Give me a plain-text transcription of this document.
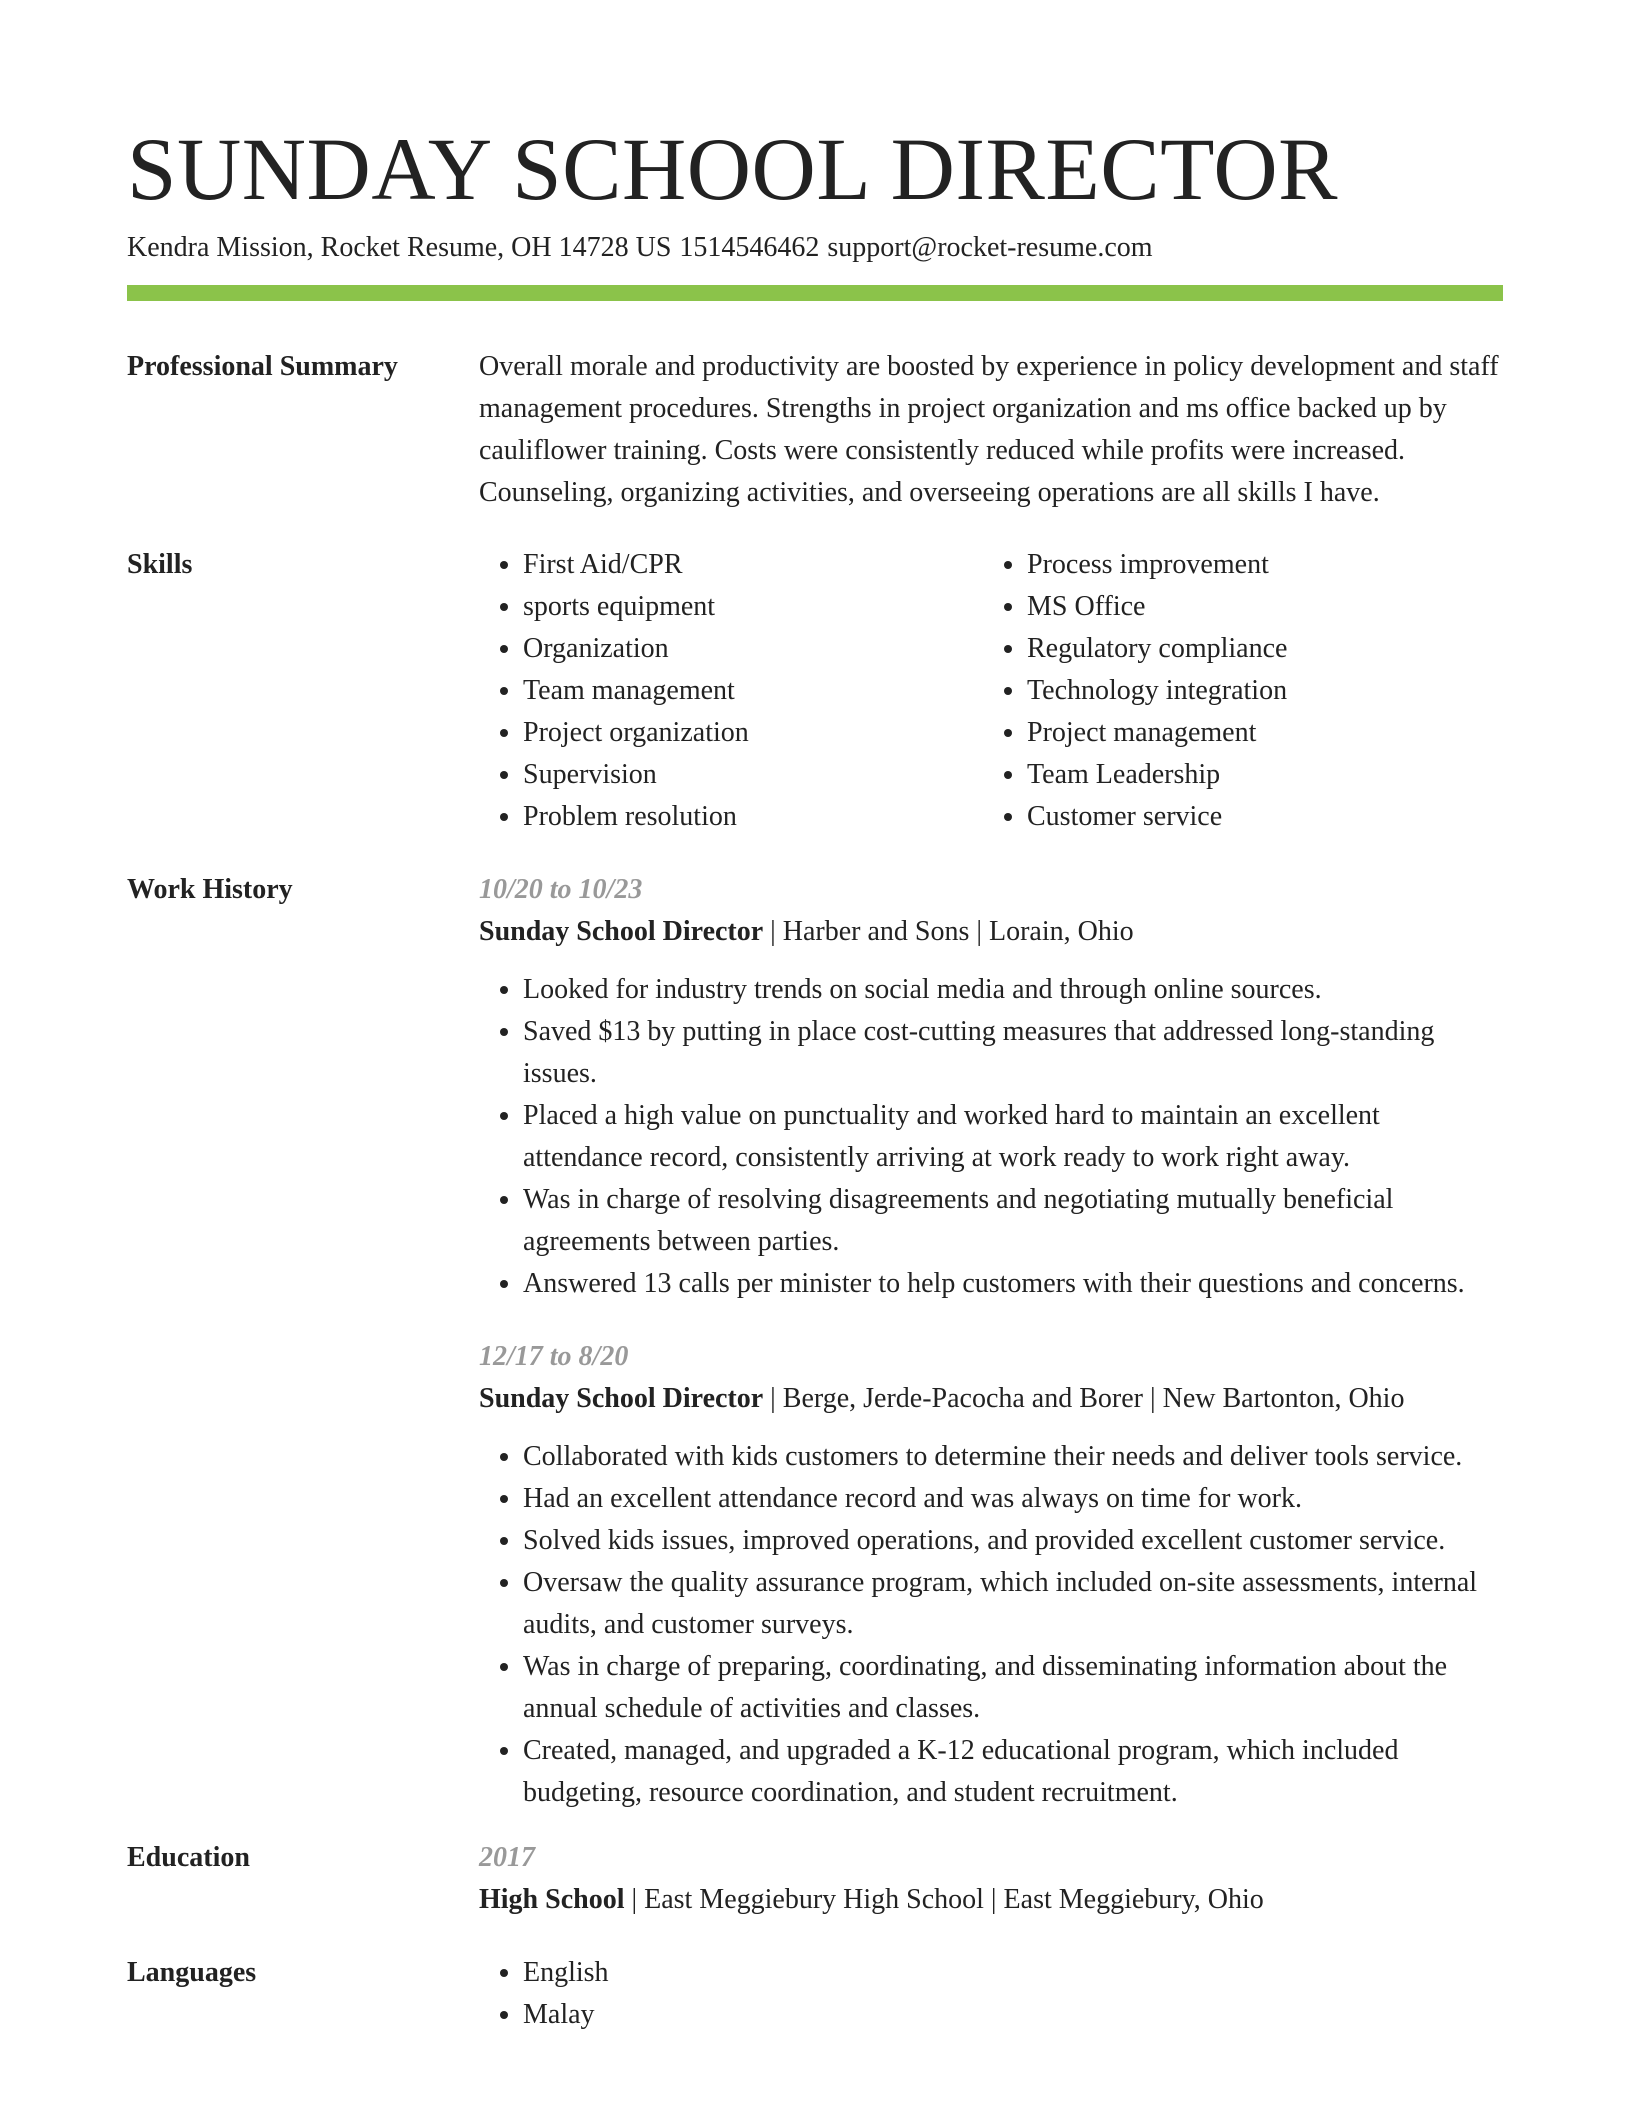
SUNDAY SCHOOL DIRECTOR
Kendra Mission, Rocket Resume, OH 14728 US 1514546462 support@rocket-resume.com
Professional Summary	Overall morale and productivity are boosted by experience in policy development and staff management procedures. Strengths in project organization and ms office backed up by cauliflower training. Costs were consistently reduced while profits were increased. Counseling, organizing activities, and overseeing operations are all skills I have.

Skills	• First Aid/CPR
• sports equipment
• Organization
• Team management
• Project organization
• Supervision
• Problem resolution
• Process improvement
• MS Office
• Regulatory compliance
• Technology integration
• Project management
• Team Leadership
• Customer service
Work History	10/20 to 10/23
Sunday School Director | Harber and Sons | Lorain, Ohio
• Looked for industry trends on social media and through online sources.
• Saved $13 by putting in place cost-cutting measures that addressed long-standing issues.
• Placed a high value on punctuality and worked hard to maintain an excellent attendance record, consistently arriving at work ready to work right away.
• Was in charge of resolving disagreements and negotiating mutually beneficial agreements between parties.
• Answered 13 calls per minister to help customers with their questions and concerns.
12/17 to 8/20
Sunday School Director | Berge, Jerde-Pacocha and Borer | New Bartonton, Ohio
• Collaborated with kids customers to determine their needs and deliver tools service.
• Had an excellent attendance record and was always on time for work.
• Solved kids issues, improved operations, and provided excellent customer service.
• Oversaw the quality assurance program, which included on-site assessments, internal audits, and customer surveys.
• Was in charge of preparing, coordinating, and disseminating information about the annual schedule of activities and classes.
• Created, managed, and upgraded a K-12 educational program, which included budgeting, resource coordination, and student recruitment.
Education	2017
High School | East Meggiebury High School | East Meggiebury, Ohio
Languages	• English
• Malay
